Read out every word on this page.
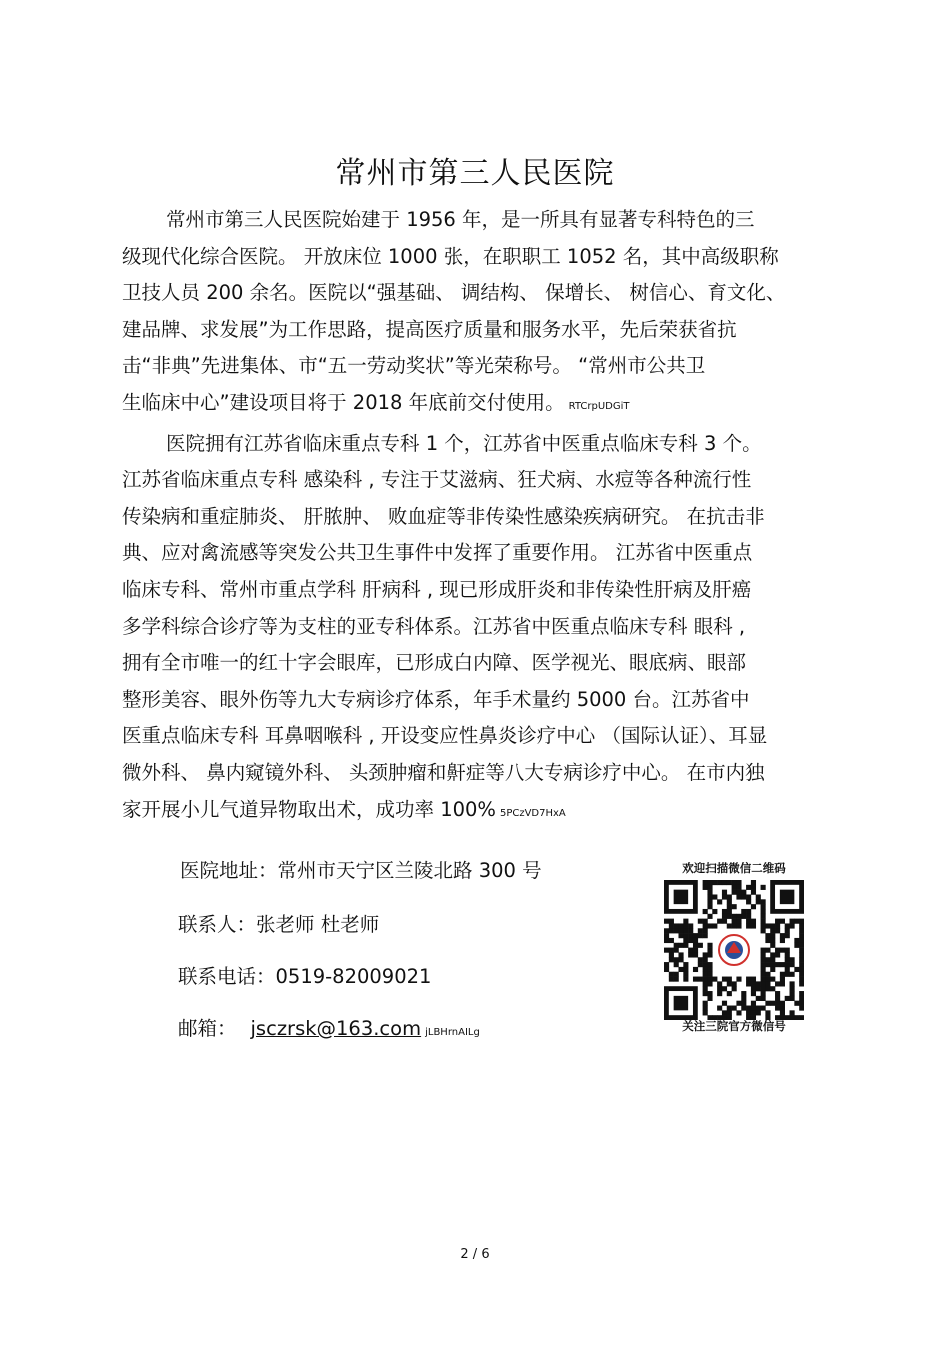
常州市第三人民医院
常州市第三人民医院始建于 1956 年，是一所具有显著专科特色的三
级现代化综合医院。 开放床位 1000 张，在职职工 1052 名，其中高级职称
卫技人员 200 余名。医院以“强基础、 调结构、 保增长、 树信心、育文化、
建品牌、求发展”为工作思路，提高医疗质量和服务水平，先后荣获省抗
击“非典”先进集体、市“五一劳动奖状”等光荣称号。 “常州市公共卫
生临床中心”建设项目将于 2018 年底前交付使用。 RTCrpUDGiT
医院拥有江苏省临床重点专科 1 个，江苏省中医重点临床专科 3 个。
江苏省临床重点专科 感染科 , 专注于艾滋病、狂犬病、水痘等各种流行性
传染病和重症肺炎、 肝脓肿、 败血症等非传染性感染疾病研究。 在抗击非
典、应对禽流感等突发公共卫生事件中发挥了重要作用。 江苏省中医重点
临床专科、常州市重点学科 肝病科 , 现已形成肝炎和非传染性肝病及肝癌
多学科综合诊疗等为支柱的亚专科体系。江苏省中医重点临床专科 眼科 ,
拥有全市唯一的红十字会眼库，已形成白内障、医学视光、眼底病、眼部
整形美容、眼外伤等九大专病诊疗体系，年手术量约 5000 台。江苏省中
医重点临床专科 耳鼻咽喉科 , 开设变应性鼻炎诊疗中心 （国际认证）、耳显
微外科、 鼻内窥镜外科、 头颈肿瘤和鼾症等八大专病诊疗中心。 在市内独
家开展小儿气道异物取出术，成功率 100% 5PCzVD7HxA
医院地址：常州市天宁区兰陵北路 300 号
联系人：张老师 杜老师
联系电话：0519-82009021
邮箱： jsczrsk@163.com jLBHrnAILg
欢迎扫描微信二维码
关注三院官方微信号
2 / 6
